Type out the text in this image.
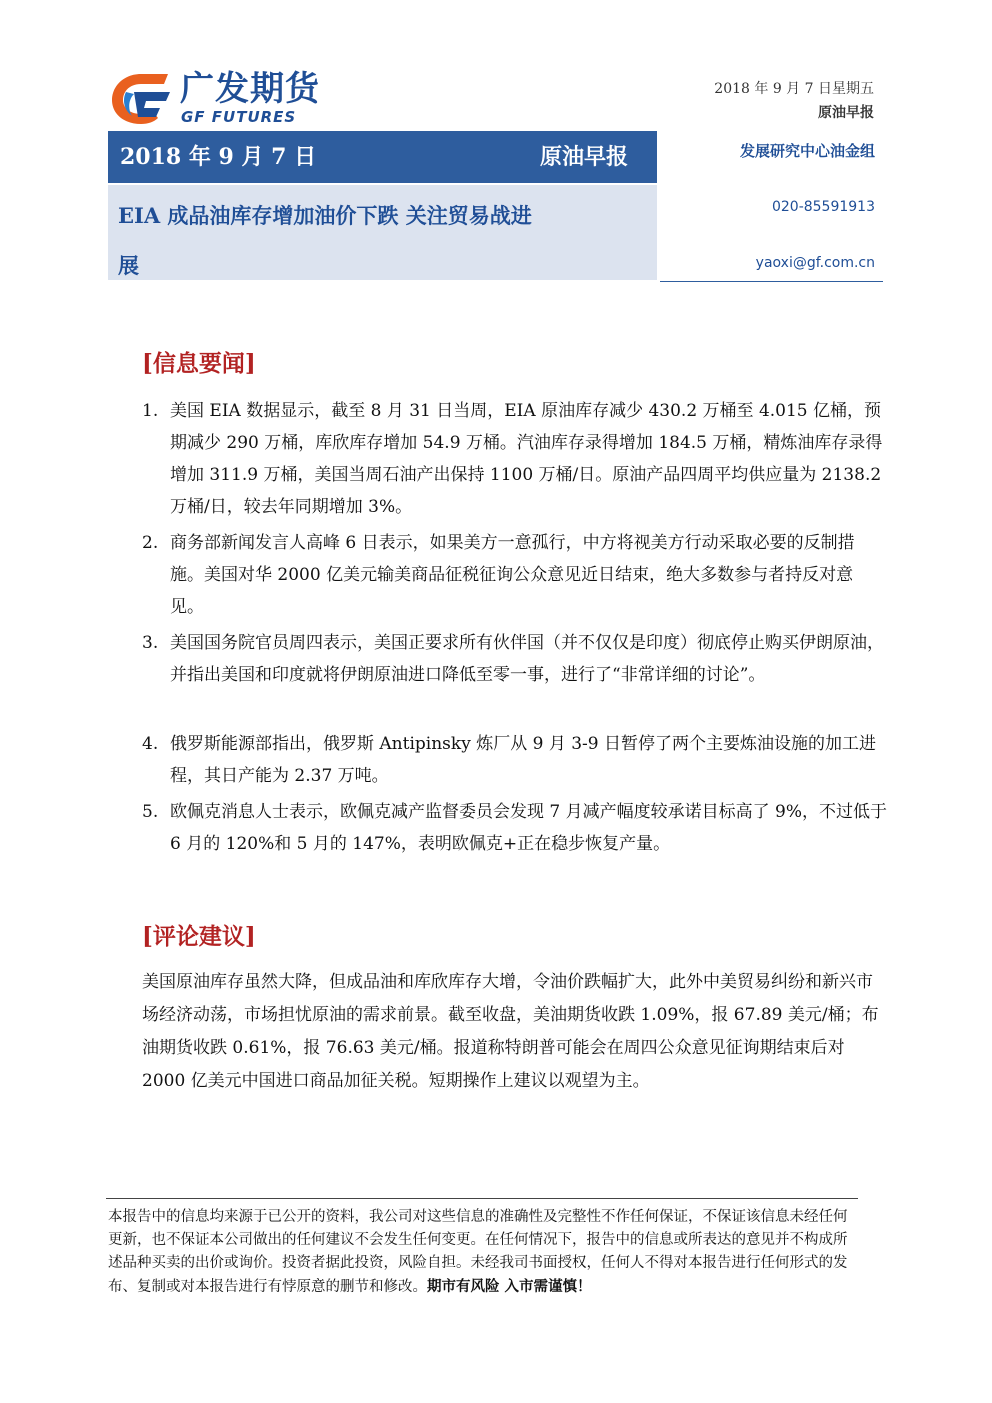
广发期货
GF FUTURES
2018 年 9 月 7 日星期五
原油早报
2018 年 9 月 7 日	原油早报
EIA 成品油库存增加油价下跌 关注贸易战进
展
发展研究中心油金组
020-85591913
yaoxi@gf.com.cn
[信息要闻]
1. 美国 EIA 数据显示，截至 8 月 31 日当周，EIA 原油库存减少 430.2 万桶至 4.015 亿桶，预期减少 290 万桶，库欣库存增加 54.9 万桶。汽油库存录得增加 184.5 万桶，精炼油库存录得增加 311.9 万桶，美国当周石油产出保持 1100 万桶/日。原油产品四周平均供应量为 2138.2 万桶/日，较去年同期增加 3%。
2. 商务部新闻发言人高峰 6 日表示，如果美方一意孤行，中方将视美方行动采取必要的反制措施。美国对华 2000 亿美元输美商品征税征询公众意见近日结束，绝大多数参与者持反对意见。
3. 美国国务院官员周四表示，美国正要求所有伙伴国（并不仅仅是印度）彻底停止购买伊朗原油，并指出美国和印度就将伊朗原油进口降低至零一事，进行了“非常详细的讨论”。
4. 俄罗斯能源部指出，俄罗斯 Antipinsky 炼厂从 9 月 3-9 日暂停了两个主要炼油设施的加工进程，其日产能为 2.37 万吨。
5. 欧佩克消息人士表示，欧佩克减产监督委员会发现 7 月减产幅度较承诺目标高了 9%，不过低于 6 月的 120%和 5 月的 147%，表明欧佩克+正在稳步恢复产量。
[评论建议]
美国原油库存虽然大降，但成品油和库欣库存大增，令油价跌幅扩大，此外中美贸易纠纷和新兴市场经济动荡，市场担忧原油的需求前景。截至收盘，美油期货收跌 1.09%，报 67.89 美元/桶；布油期货收跌 0.61%，报 76.63 美元/桶。报道称特朗普可能会在周四公众意见征询期结束后对 2000 亿美元中国进口商品加征关税。短期操作上建议以观望为主。
本报告中的信息均来源于已公开的资料，我公司对这些信息的准确性及完整性不作任何保证，不保证该信息未经任何更新，也不保证本公司做出的任何建议不会发生任何变更。在任何情况下，报告中的信息或所表达的意见并不构成所述品种买卖的出价或询价。投资者据此投资，风险自担。未经我司书面授权，任何人不得对本报告进行任何形式的发布、复制或对本报告进行有悖原意的删节和修改。期市有风险 入市需谨慎！
